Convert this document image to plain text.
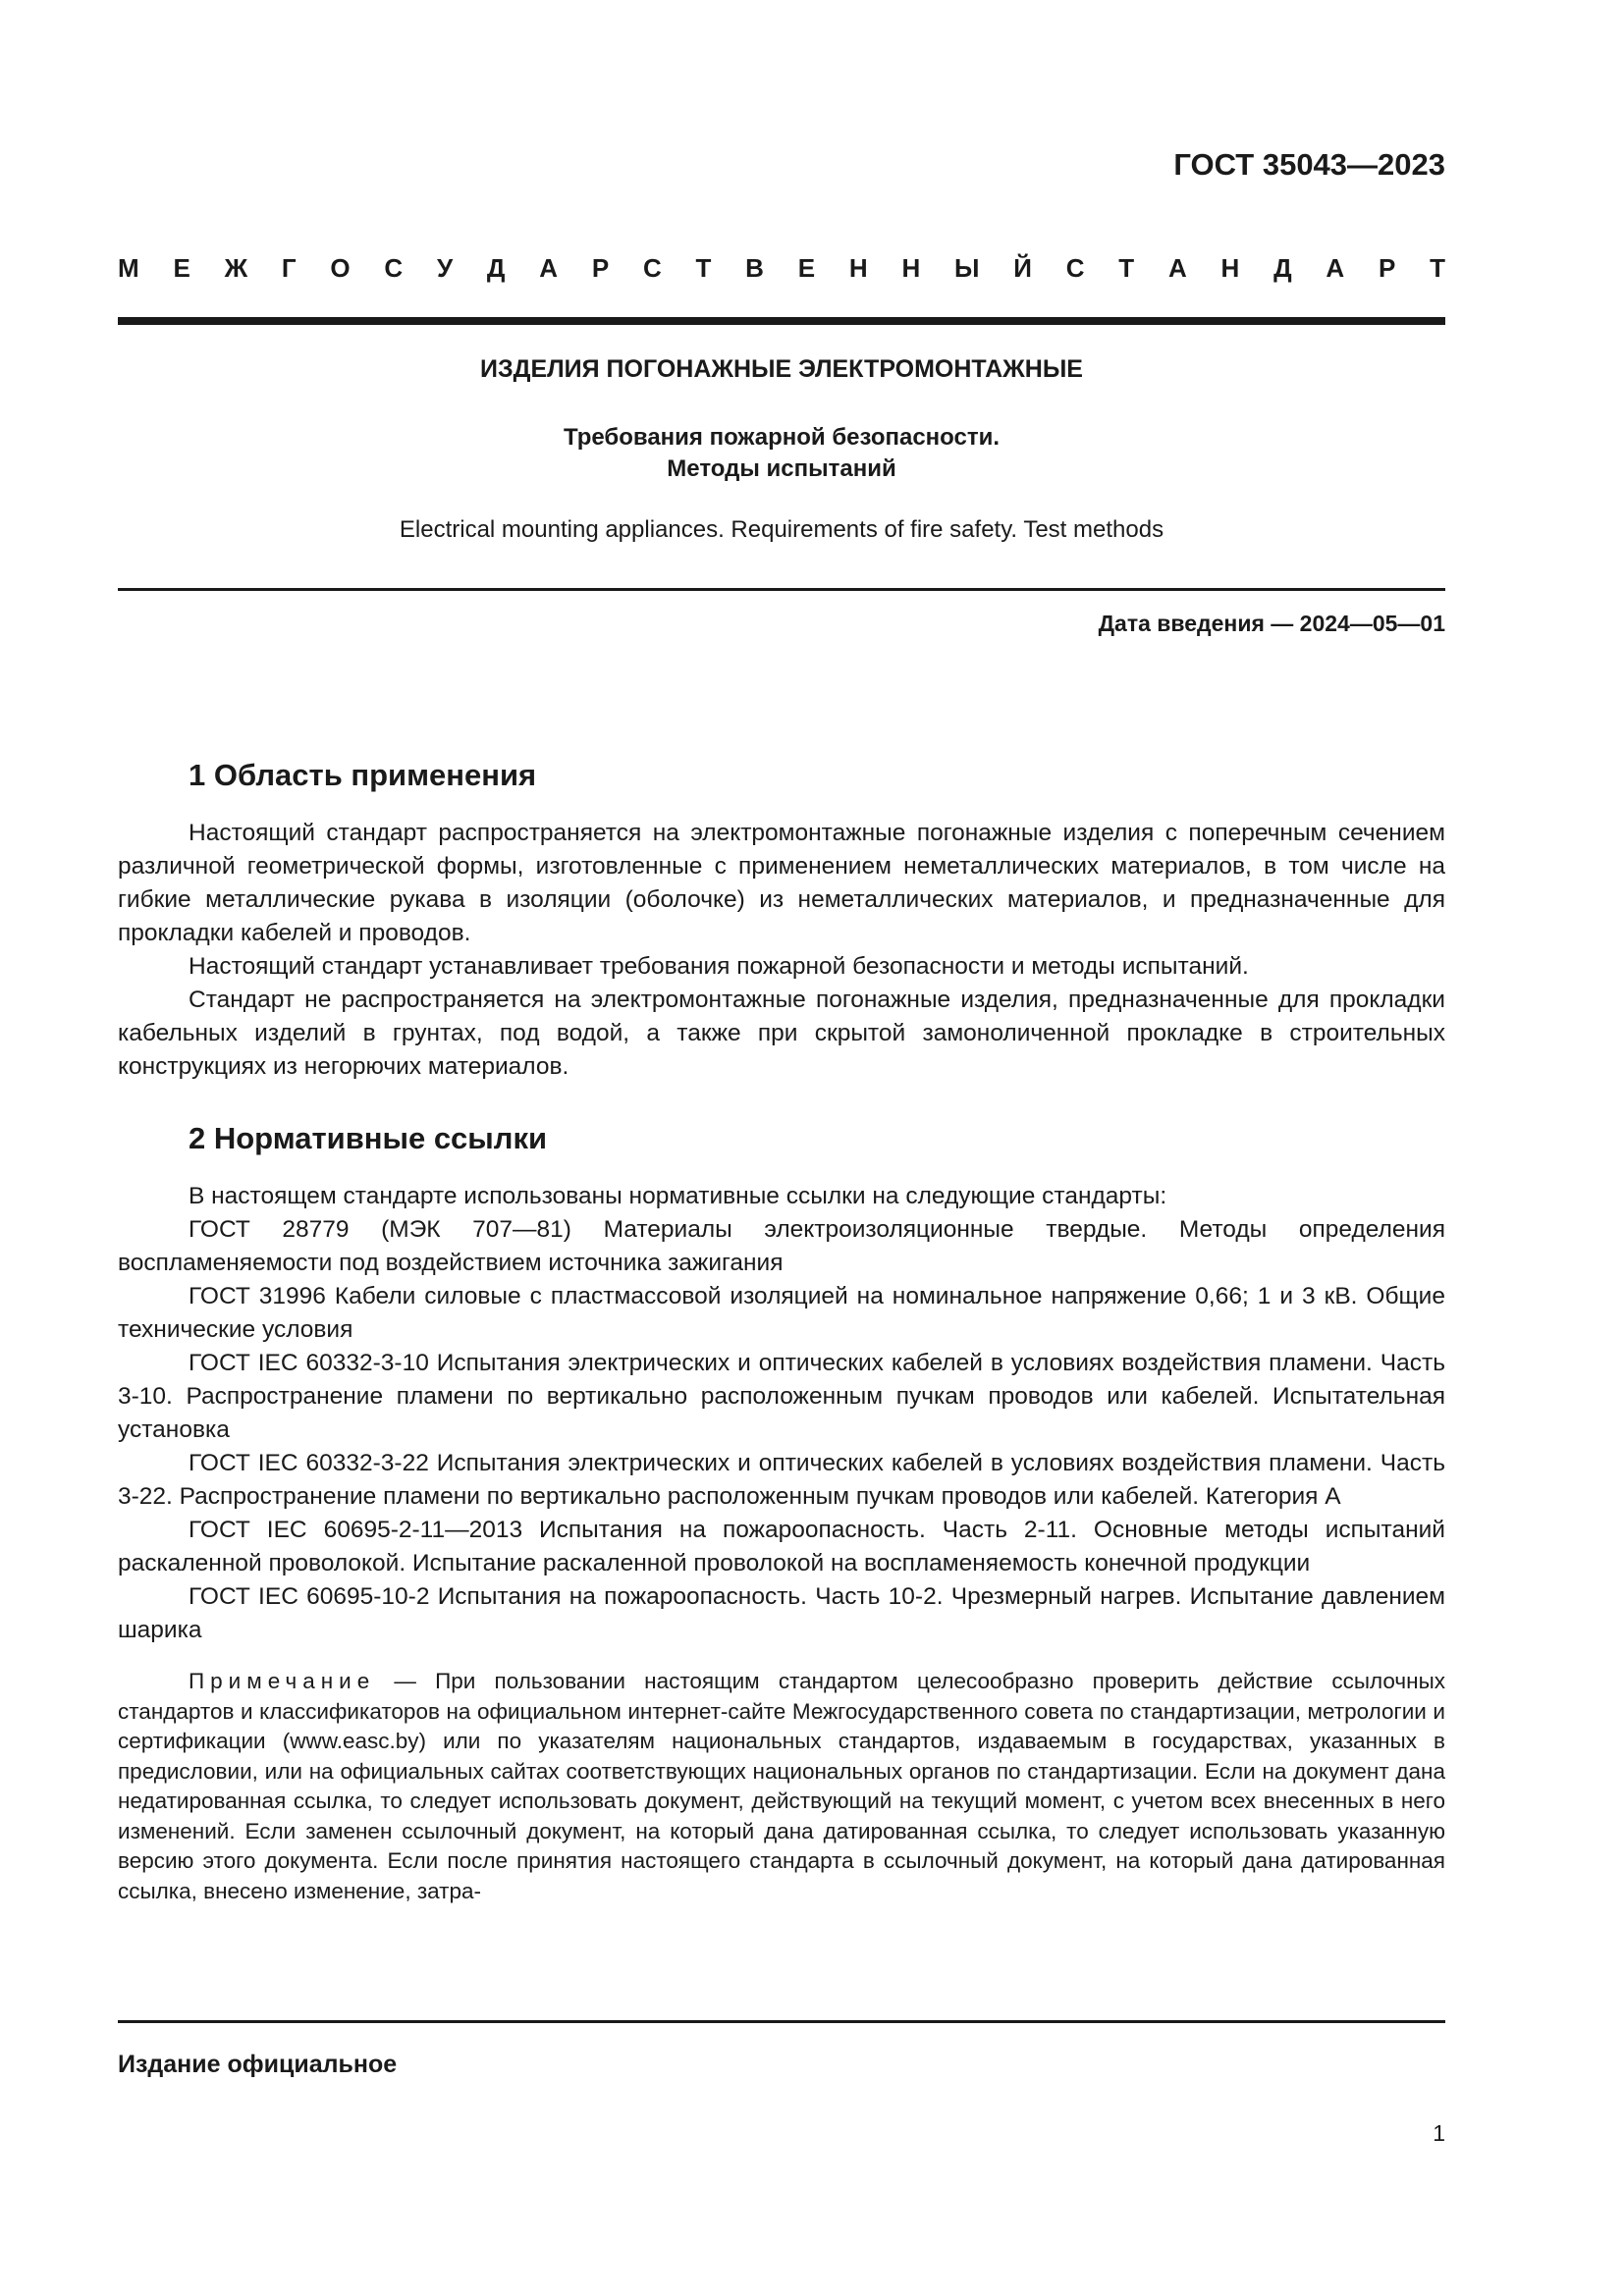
ГОСТ 35043—2023
М Е Ж Г О С У Д А Р С Т В Е Н Н Ы Й С Т А Н Д А Р Т
ИЗДЕЛИЯ ПОГОНАЖНЫЕ ЭЛЕКТРОМОНТАЖНЫЕ
Требования пожарной безопасности.
Методы испытаний
Electrical mounting appliances. Requirements of fire safety. Test methods
Дата введения — 2024—05—01
1 Область применения

Настоящий стандарт распространяется на электромонтажные погонажные изделия с поперечным сечением различной геометрической формы, изготовленные с применением неметаллических материалов, в том числе на гибкие металлические рукава в изоляции (оболочке) из неметаллических материалов, и предназначенные для прокладки кабелей и проводов.

Настоящий стандарт устанавливает требования пожарной безопасности и методы испытаний.

Стандарт не распространяется на электромонтажные погонажные изделия, предназначенные для прокладки кабельных изделий в грунтах, под водой, а также при скрытой замоноличенной прокладке в строительных конструкциях из негорючих материалов.

2 Нормативные ссылки

В настоящем стандарте использованы нормативные ссылки на следующие стандарты:

ГОСТ 28779 (МЭК 707—81) Материалы электроизоляционные твердые. Методы определения воспламеняемости под воздействием источника зажигания

ГОСТ 31996 Кабели силовые с пластмассовой изоляцией на номинальное напряжение 0,66; 1 и 3 кВ. Общие технические условия

ГОСТ IEC 60332-3-10 Испытания электрических и оптических кабелей в условиях воздействия пламени. Часть 3-10. Распространение пламени по вертикально расположенным пучкам проводов или кабелей. Испытательная установка

ГОСТ IEC 60332-3-22 Испытания электрических и оптических кабелей в условиях воздействия пламени. Часть 3-22. Распространение пламени по вертикально расположенным пучкам проводов или кабелей. Категория А

ГОСТ IEC 60695-2-11—2013 Испытания на пожароопасность. Часть 2-11. Основные методы испытаний раскаленной проволокой. Испытание раскаленной проволокой на воспламеняемость конечной продукции

ГОСТ IEC 60695-10-2 Испытания на пожароопасность. Часть 10-2. Чрезмерный нагрев. Испытание давлением шарика

Примечание — При пользовании настоящим стандартом целесообразно проверить действие ссылочных стандартов и классификаторов на официальном интернет-сайте Межгосударственного совета по стандартизации, метрологии и сертификации (www.easc.by) или по указателям национальных стандартов, издаваемым в государствах, указанных в предисловии, или на официальных сайтах соответствующих национальных органов по стандартизации. Если на документ дана недатированная ссылка, то следует использовать документ, действующий на текущий момент, с учетом всех внесенных в него изменений. Если заменен ссылочный документ, на который дана датированная ссылка, то следует использовать указанную версию этого документа. Если после принятия настоящего стандарта в ссылочный документ, на который дана датированная ссылка, внесено изменение, затра-

Издание официальное
1
